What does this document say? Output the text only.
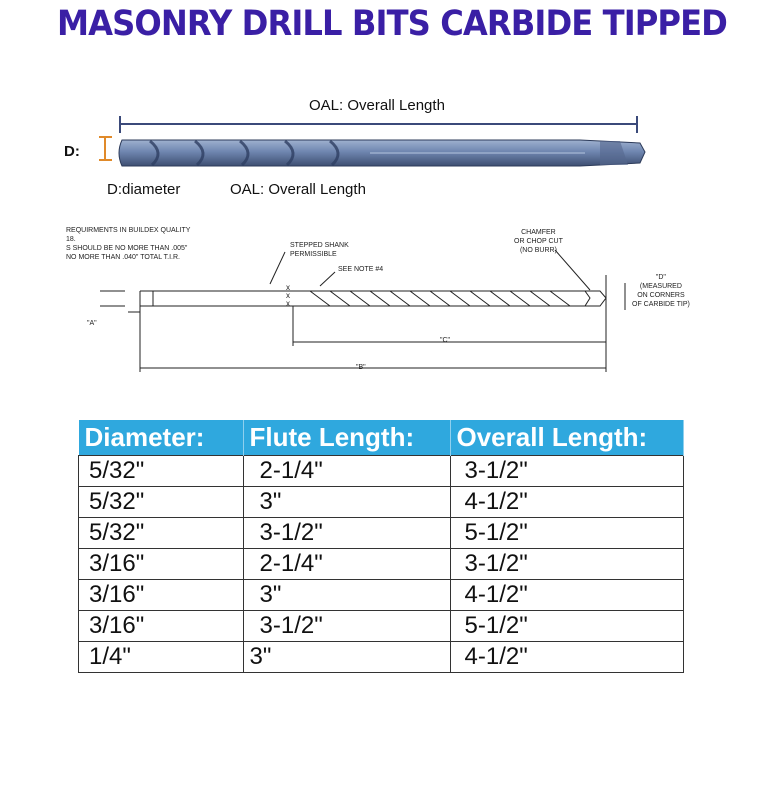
MASONRY DRILL BITS CARBIDE TIPPED
OAL: Overall Length
D:
D:diameter	OAL: Overall Length
x
x
x
REQUIRMENTS IN BUILDEX QUALITY
18.
S SHOULD BE NO MORE THAN .005"
NO MORE THAN .040" TOTAL T.I.R.
STEPPED SHANK
PERMISSIBLE
SEE NOTE #4
CHAMFER
OR CHOP CUT
(NO BURR)
"D"
(MEASURED
ON CORNERS
OF CARBIDE TIP)
"A"
"B"
"C"
Diameter:	Flute Length:	Overall Length:
5/32"	2-1/4"	3-1/2"
5/32"	3"	4-1/2"
5/32"	3-1/2"	5-1/2"
3/16"	2-1/4"	3-1/2"
3/16"	3"	4-1/2"
3/16"	3-1/2"	5-1/2"
1/4"	3"	4-1/2"
